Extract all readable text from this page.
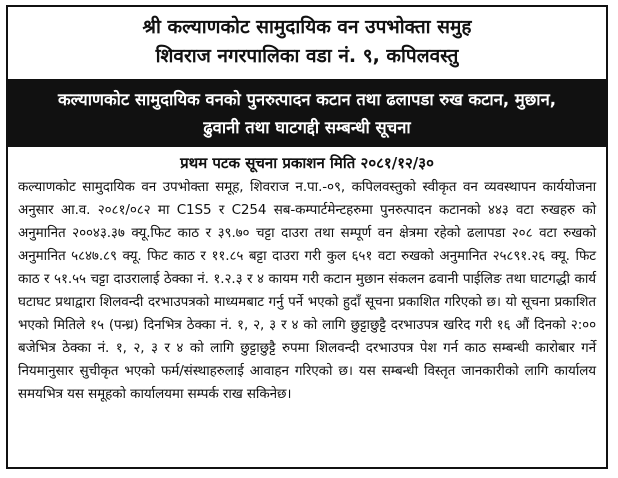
श्री कल्याणकोट सामुदायिक वन उपभोक्ता समुह
शिवराज नगरपालिका वडा नं. ९, कपिलवस्तु
कल्याणकोट सामुदायिक वनको पुनरुत्पादन कटान तथा ढलापडा रुख कटान, मुछान,
ढुवानी तथा घाटगद्दी सम्बन्धी सूचना
प्रथम पटक सूचना प्रकाशन मिति २०८१/१२/३०
कल्याणकोट सामुदायिक वन उपभोक्ता समूह, शिवराज न.पा.-०९, कपिलवस्तुको स्वीकृत वन व्यवस्थापन कार्ययोजना अनुसार आ.व. २०८१/०८२ मा C1S5 र C254 सब-कम्पार्टमेन्टहरुमा पुनरुत्पादन कटानको ४४३ वटा रुखहरु को अनुमानित २००४३.३७ क्यू.फिट काठ र ३९.७० चट्टा दाउरा तथा सम्पूर्ण वन क्षेत्रमा रहेको ढलापडा २०८ वटा रुखको अनुमानित ५८४७.८९ क्यू. फिट काठ र ११.८५ बट्टा दाउरा गरी कुल ६५१ वटा रुखको अनुमानित २५८९१.२६ क्यू. फिट काठ र ५१.५५ चट्टा दाउरालाई ठेक्का नं. १.२.३ र ४ कायम गरी कटान मुछान संकलन ढवानी पाईलिङ तथा घाटगद्धी कार्य घटाघट प्रथाद्वारा शिलवन्दी दरभाउपत्रको माध्यमबाट गर्नु पर्ने भएको हुदाँ सूचना प्रकाशित गरिएको छ। यो सूचना प्रकाशित भएको मितिले १५ (पन्ध्र) दिनभित्र ठेक्का नं. १, २, ३ र ४ को लागि छुट्टाछुट्टै दरभाउपत्र खरिद गरी १६ औं दिनको २:०० बजेभित्र ठेक्का नं. १, २, ३ र ४ को लागि छुट्टाछुट्टै रुपमा शिलवन्दी दरभाउपत्र पेश गर्न काठ सम्बन्धी कारोबार गर्ने नियमानुसार सुचीकृत भएको फर्म/संस्थाहरुलाई आवाहन गरिएको छ। यस सम्बन्धी विस्तृत जानकारीको लागि कार्यालय समयभित्र यस समूहको कार्यालयमा सम्पर्क राख सकिनेछ।
